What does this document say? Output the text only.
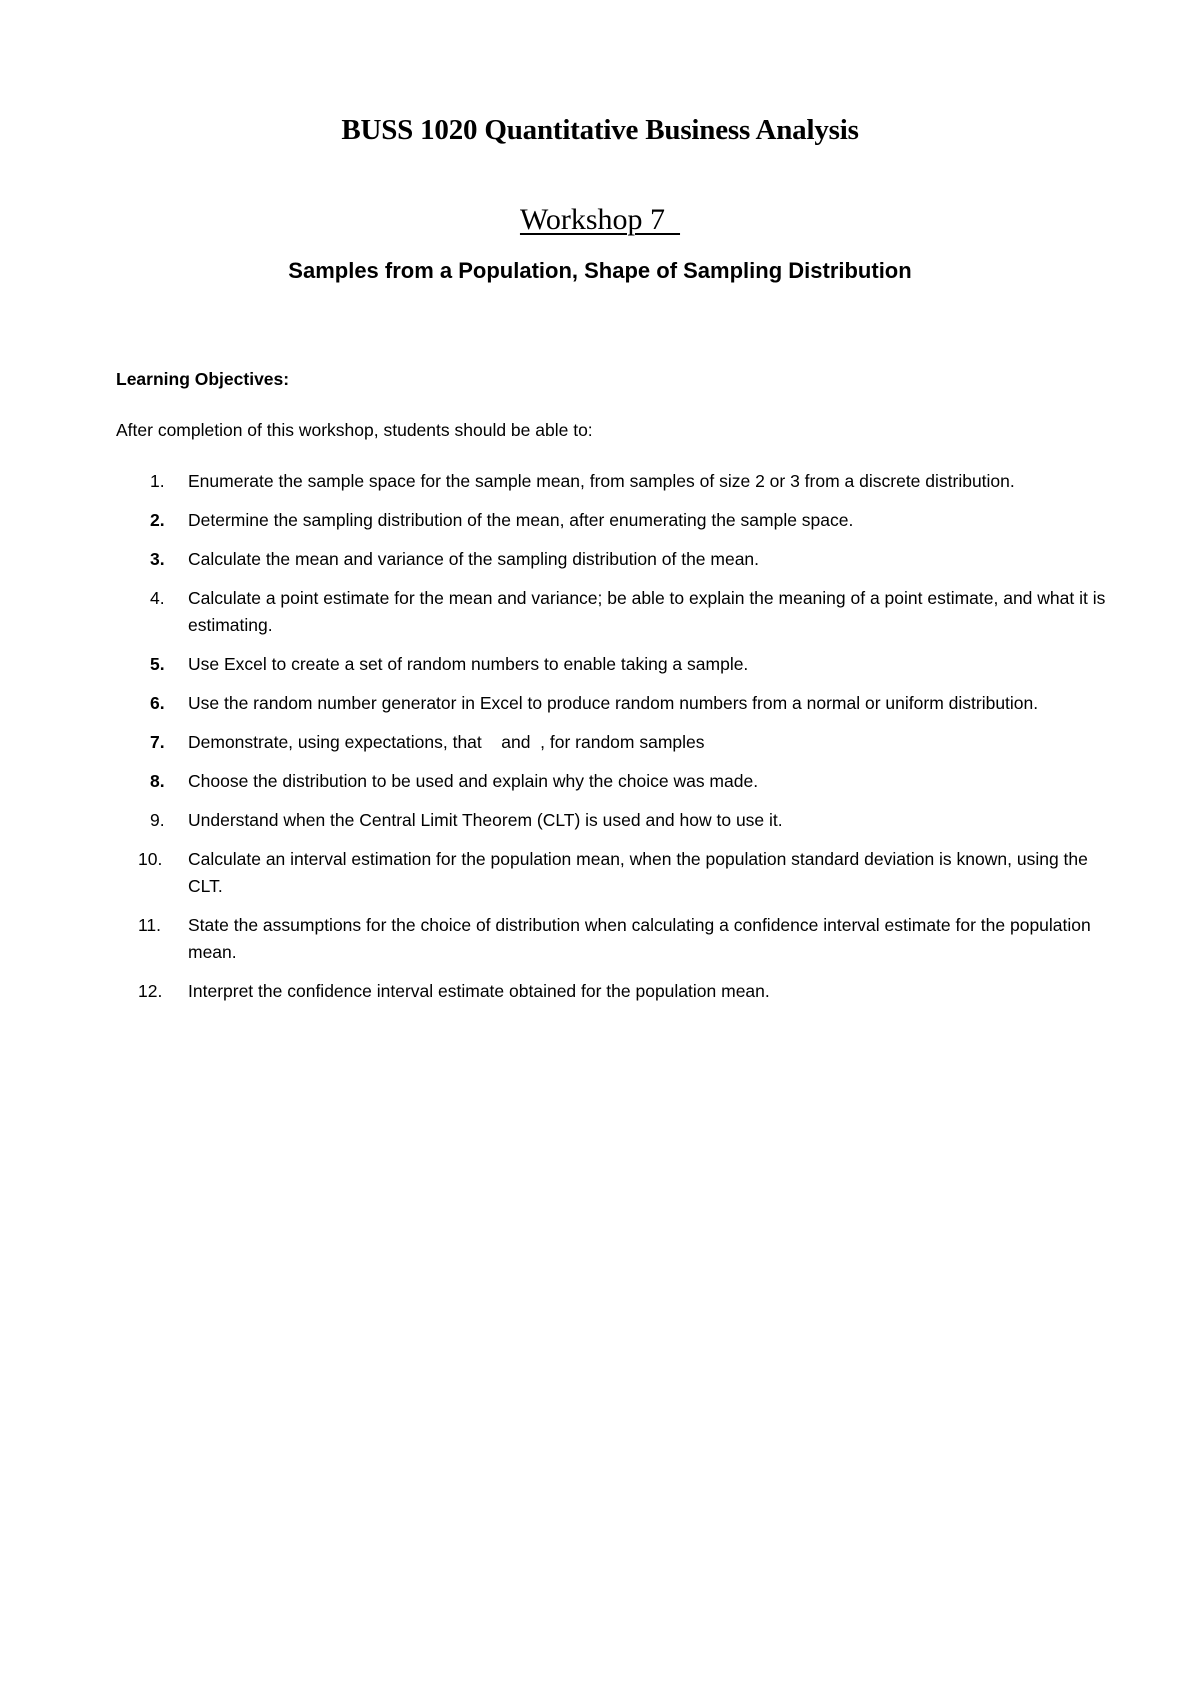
BUSS 1020 Quantitative Business Analysis
Workshop 7
Samples from a Population, Shape of Sampling Distribution
Learning Objectives:
After completion of this workshop, students should be able to:
1. Enumerate the sample space for the sample mean, from samples of size 2 or 3 from a discrete distribution.
2. Determine the sampling distribution of the mean, after enumerating the sample space.
3. Calculate the mean and variance of the sampling distribution of the mean.
4. Calculate a point estimate for the mean and variance; be able to explain the meaning of a point estimate, and what it is estimating.
5. Use Excel to create a set of random numbers to enable taking a sample.
6. Use the random number generator in Excel to produce random numbers from a normal or uniform distribution.
7. Demonstrate, using expectations, that    and  , for random samples
8. Choose the distribution to be used and explain why the choice was made.
9. Understand when the Central Limit Theorem (CLT) is used and how to use it.
10. Calculate an interval estimation for the population mean, when the population standard deviation is known, using the CLT.
11. State the assumptions for the choice of distribution when calculating a confidence interval estimate for the population mean.
12. Interpret the confidence interval estimate obtained for the population mean.
